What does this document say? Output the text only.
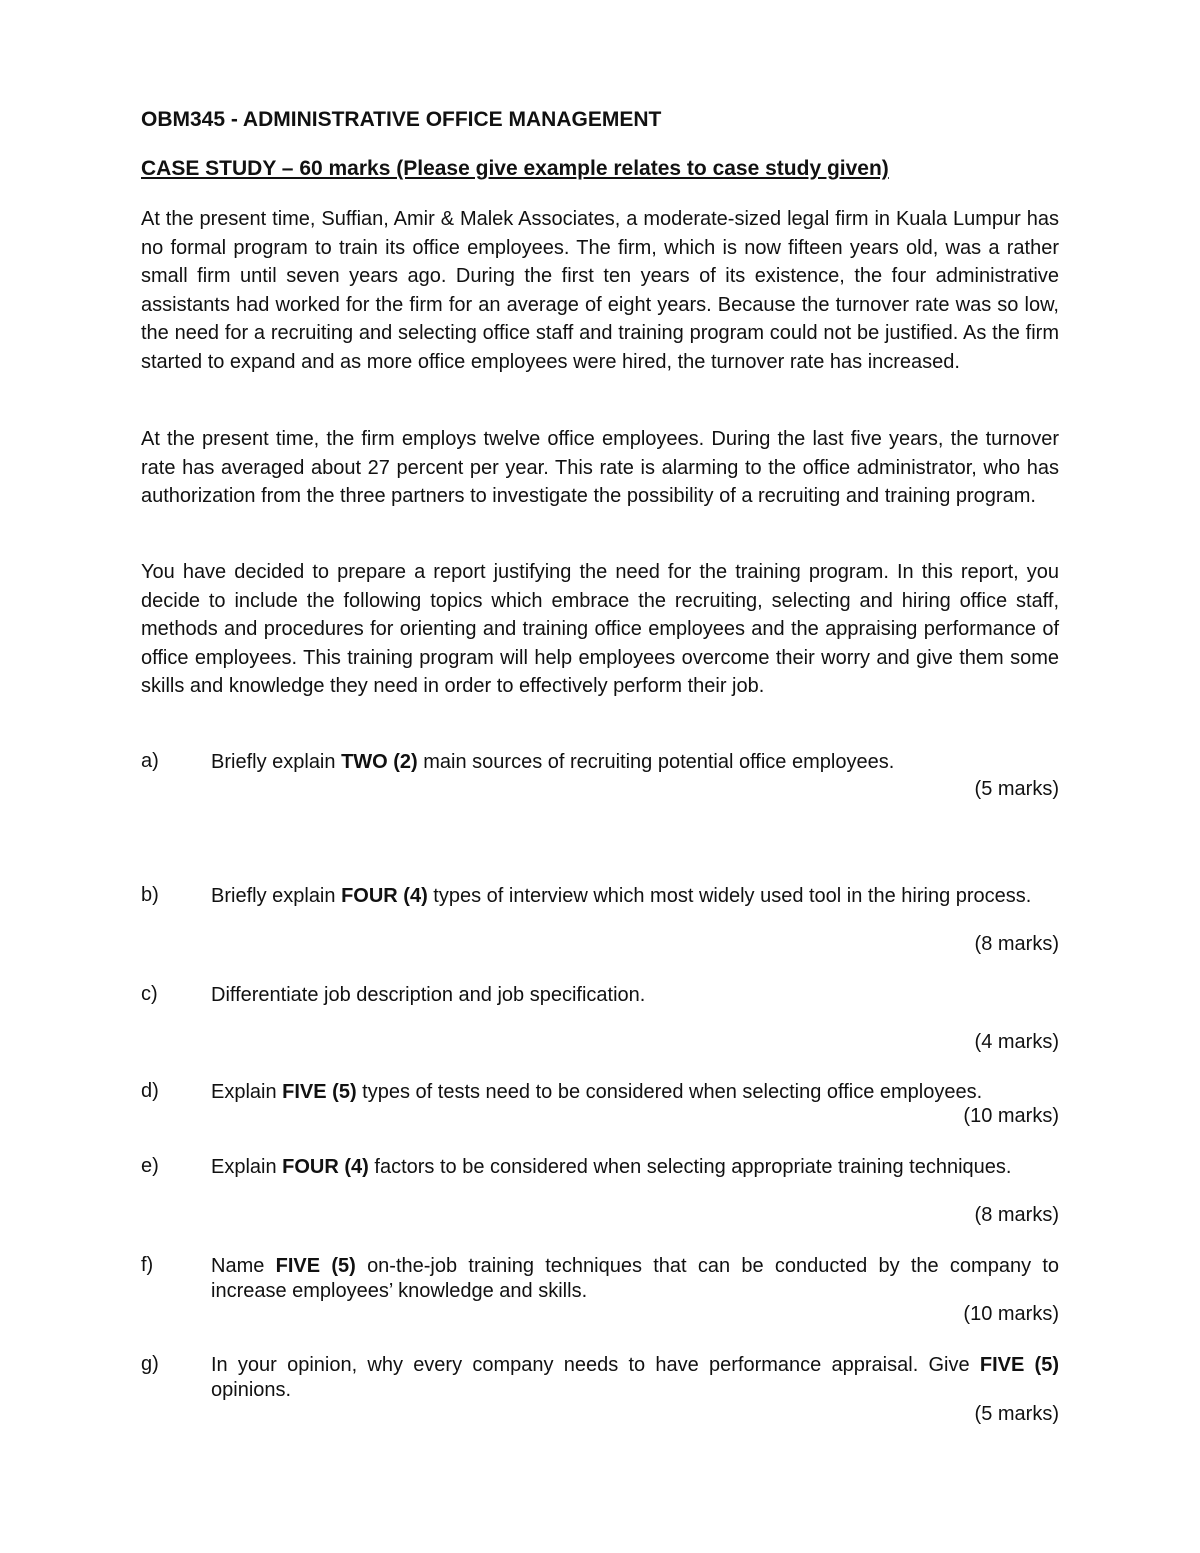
OBM345 - ADMINISTRATIVE OFFICE MANAGEMENT
CASE STUDY – 60 marks (Please give example relates to case study given)

At the present time, Suffian, Amir & Malek Associates, a moderate-sized legal firm in Kuala Lumpur has no formal program to train its office employees. The firm, which is now fifteen years old, was a rather small firm until seven years ago. During the first ten years of its existence, the four administrative assistants had worked for the firm for an average of eight years. Because the turnover rate was so low, the need for a recruiting and selecting office staff and training program could not be justified. As the firm started to expand and as more office employees were hired, the turnover rate has increased.

At the present time, the firm employs twelve office employees. During the last five years, the turnover rate has averaged about 27 percent per year. This rate is alarming to the office administrator, who has authorization from the three partners to investigate the possibility of a recruiting and training program.

You have decided to prepare a report justifying the need for the training program. In this report, you decide to include the following topics which embrace the recruiting, selecting and hiring office staff, methods and procedures for orienting and training office employees and the appraising performance of office employees. This training program will help employees overcome their worry and give them some skills and knowledge they need in order to effectively perform their job.

a)	Briefly explain TWO (2) main sources of recruiting potential office employees.
(5 marks)
b)	Briefly explain FOUR (4) types of interview which most widely used tool in the hiring process.
(8 marks)
c)	Differentiate job description and job specification.
(4 marks)
d)	Explain FIVE (5) types of tests need to be considered when selecting office employees.
(10 marks)
e)	Explain FOUR (4) factors to be considered when selecting appropriate training techniques.
(8 marks)
f)	Name FIVE (5) on-the-job training techniques that can be conducted by the company to increase employees’ knowledge and skills.
(10 marks)
g)	In your opinion, why every company needs to have performance appraisal. Give FIVE (5) opinions.
(5 marks)
